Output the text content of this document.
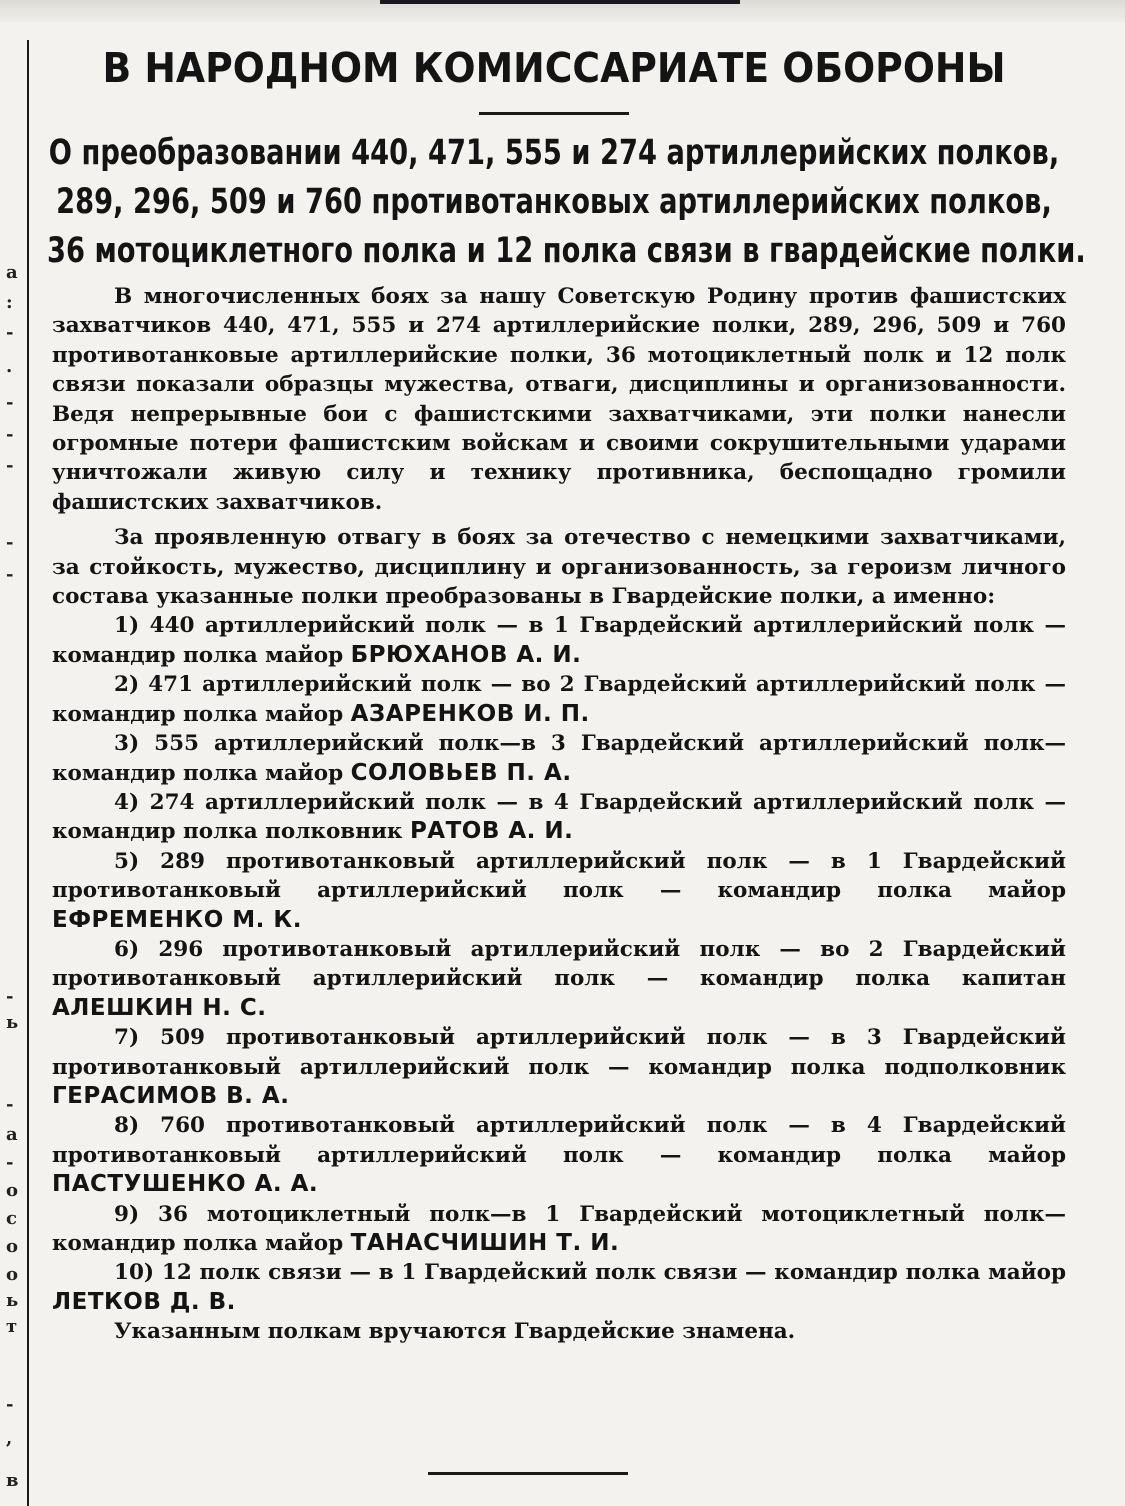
a
:
-
.
-
-
-
-
-
-
ь
-
a
-
o
c
o
o
ь
т
-
,
в
В НАРОДНОМ КОМИССАРИАТЕ ОБОРОНЫ
О преобразовании 440, 471, 555 и 274 артиллерийских полков,
289, 296, 509 и 760 противотанковых артиллерийских полков,
36 мотоциклетного полка и 12 полка связи в гвардейские полки.

В многочисленных боях за нашу Советскую Родину против фашистских захватчиков 440, 471, 555 и 274 артиллерийские полки, 289, 296, 509 и 760 противотанковые артиллерийские полки, 36 мотоциклетный полк и 12 полк связи показали образцы мужества, отваги, дисциплины и организованности. Ведя непрерывные бои с фашистскими захватчиками, эти полки нанесли огромные потери фашистским войскам и своими сокрушительными ударами уничтожали живую силу и технику противника, беспощадно громили фашистских захватчиков.

За проявленную отвагу в боях за отечество с немецкими захватчиками, за стойкость, мужество, дисциплину и организованность, за героизм личного состава указанные полки преобразованы в Гвардейские полки, а именно:

1) 440 артиллерийский полк — в 1 Гвардейский артиллерийский полк — командир полка майор БРЮХАНОВ А. И.

2) 471 артиллерийский полк — во 2 Гвардейский артиллерийский полк — командир полка майор АЗАРЕНКОВ И. П.

3) 555 артиллерийский полк—в 3 Гвардейский артиллерийский полк—командир полка майор СОЛОВЬЕВ П. А.

4) 274 артиллерийский полк — в 4 Гвардейский артиллерийский полк — командир полка полковник РАТОВ А. И.

5) 289 противотанковый артиллерийский полк — в 1 Гвардейский противотанковый артиллерийский полк — командир полка майор ЕФРЕМЕНКО М. К.

6) 296 противотанковый артиллерийский полк — во 2 Гвардейский противотанковый артиллерийский полк — командир полка капитан АЛЕШКИН Н. С.

7) 509 противотанковый артиллерийский полк — в 3 Гвардейский противотанковый артиллерийский полк — командир полка подполковник ГЕРАСИМОВ В. А.

8) 760 противотанковый артиллерийский полк — в 4 Гвардейский противотанковый артиллерийский полк — командир полка майор ПАСТУШЕНКО А. А.

9) 36 мотоциклетный полк—в 1 Гвардейский мотоциклетный полк—командир полка майор ТАНАСЧИШИН Т. И.

10) 12 полк связи — в 1 Гвардейский полк связи — командир полка майор ЛЕТКОВ Д. В.

Указанным полкам вручаются Гвардейские знамена.
